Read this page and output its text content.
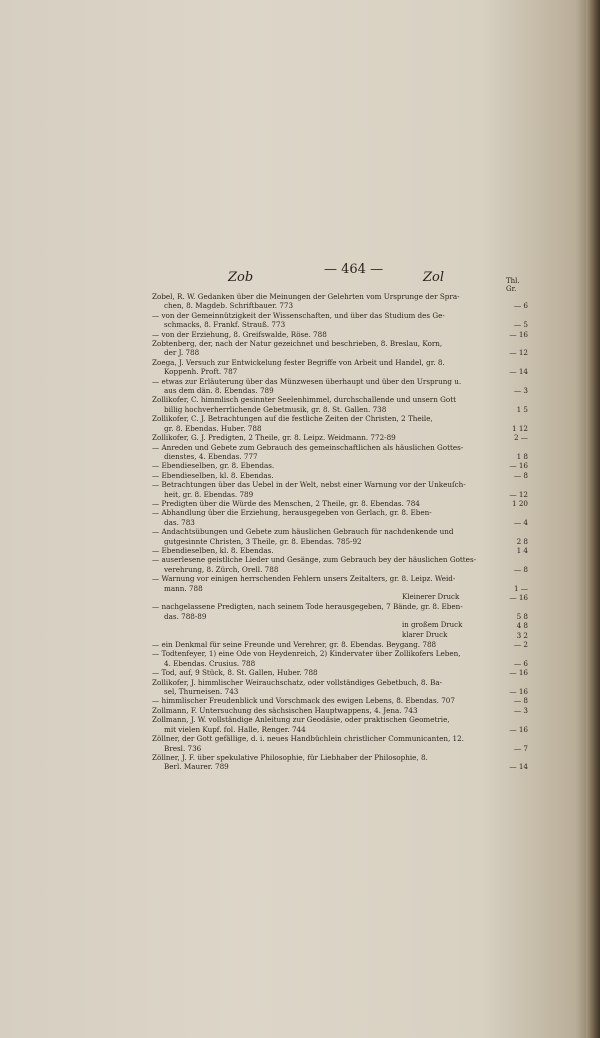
Zob
— 464 —
Zol	Thl. Gr.
Zobel, R. W. Gedanken über die Meinungen der Gelehrten vom Ursprunge der Spra-
chen, 8. Magdeb. Schriftbauer. 773	— 6
— von der Gemeinnützigkeit der Wissenschaften, und über das Studium des Ge-
schmacks, 8. Frankf. Strauß. 773	— 5
— von der Erziehung, 8. Greifswalde, Röse. 788	— 16
Zobtenberg, der, nach der Natur gezeichnet und beschrieben, 8. Breslau, Korn,
der J. 788	— 12
Zoega, J. Versuch zur Entwickelung fester Begriffe von Arbeit und Handel, gr. 8.
Koppenh. Proft. 787	— 14
— etwas zur Erläuterung über das Münzwesen überhaupt und über den Ursprung u.
aus dem dän. 8. Ebendas. 789	— 3
Zollikofer, C. himmlisch gesinnter Seelenhimmel, durchschallende und unsern Gott
billig hochverherrlichende Gebetmusik, gr. 8. St. Gallen. 738	1 5
Zollikofer, C. J. Betrachtungen auf die festliche Zeiten der Christen, 2 Theile,
gr. 8. Ebendas. Huber. 788	1 12
Zollikofer, G. J. Predigten, 2 Theile, gr. 8. Leipz. Weidmann. 772-89	2 —
— Anreden und Gebete zum Gebrauch des gemeinschaftlichen als häuslichen Gottes-
dienstes, 4. Ebendas. 777	1 8
— Ebendieselben, gr. 8. Ebendas.	— 16
— Ebendieselben, kl. 8. Ebendas.	— 8
— Betrachtungen über das Uebel in der Welt, nebst einer Warnung vor der Unkeuſch-
heit, gr. 8. Ebendas. 789	— 12
— Predigten über die Würde des Menschen, 2 Theile, gr. 8. Ebendas. 784	1 20
— Abhandlung über die Erziehung, herausgegeben von Gerlach, gr. 8. Eben-
das. 783	— 4
— Andachtsübungen und Gebete zum häuslichen Gebrauch für nachdenkende und
gutgesinnte Christen, 3 Theile, gr. 8. Ebendas. 785-92	2 8
— Ebendieselben, kl. 8. Ebendas.	1 4
— auserlesene geistliche Lieder und Gesänge, zum Gebrauch bey der häuslichen Gottes-
verehrung, 8. Zürch, Orell. 788	— 8
— Warnung vor einigen herrschenden Fehlern unsers Zeitalters, gr. 8. Leipz. Weid-
mann. 788	1 —
Kleinerer Druck	— 16
— nachgelassene Predigten, nach seinem Tode herausgegeben, 7 Bände, gr. 8. Eben-
das. 788-89	5 8
in großem Druck	4 8
klarer Druck	3 2
— ein Denkmal für seine Freunde und Verehrer, gr. 8. Ebendas. Beygang. 788	— 2
— Todtenfeyer, 1) eine Ode von Heydenreich, 2) Kindervater über Zollikofers Leben,
4. Ebendas. Crusius. 788	— 6
— Tod, auf, 9 Stück, 8. St. Gallen, Huber. 788	— 16
Zollikofer, J. himmlischer Weirauchschatz, oder vollständiges Gebetbuch, 8. Ba-
sel, Thurneisen. 743	— 16
— himmlischer Freudenblick und Vorschmack des ewigen Lebens, 8. Ebendas. 707	— 8
Zollmann, F. Untersuchung des sächsischen Hauptwappens, 4. Jena. 743	— 3
Zollmann, J. W. vollständige Anleitung zur Geodäsie, oder praktischen Geometrie,
mit vielen Kupf. fol. Halle, Renger. 744	— 16
Zöllner, der Gott gefällige, d. i. neues Handbüchlein christlicher Communicanten, 12.
Bresl. 736	— 7
Zöllner, J. F. über spekulative Philosophie, für Liebhaber der Philosophie, 8.
Berl. Maurer. 789	— 14
